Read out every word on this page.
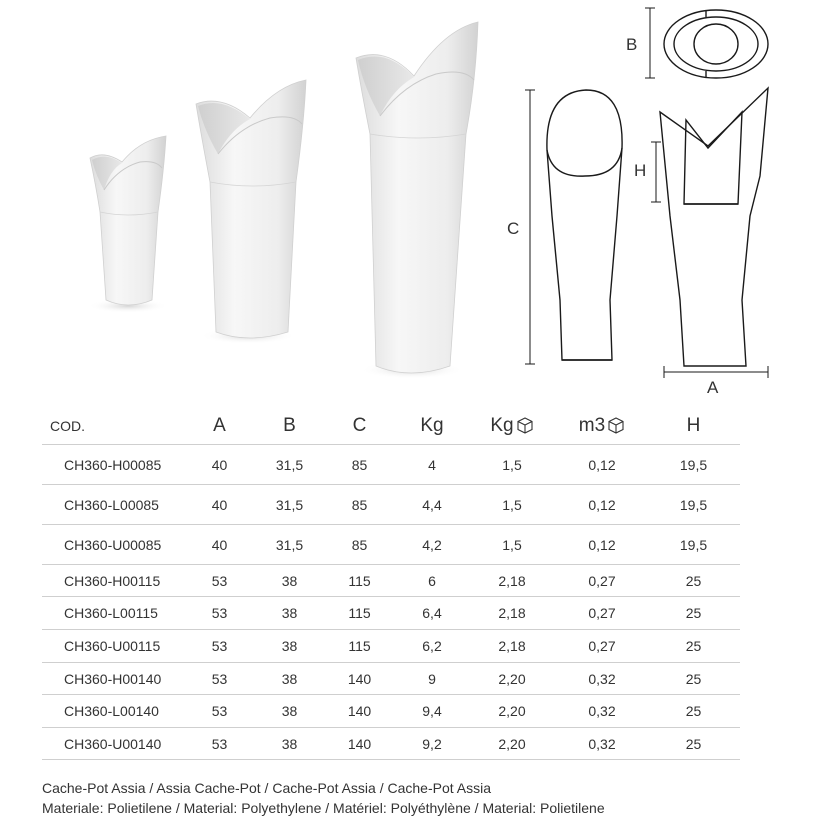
B
C
H
A
COD.	A	B	C	Kg	Kg	m3	H
CH360-H00085	40	31,5	85	4	1,5	0,12	19,5
CH360-L00085	40	31,5	85	4,4	1,5	0,12	19,5
CH360-U00085	40	31,5	85	4,2	1,5	0,12	19,5
CH360-H00115	53	38	115	6	2,18	0,27	25
CH360-L00115	53	38	115	6,4	2,18	0,27	25
CH360-U00115	53	38	115	6,2	2,18	0,27	25
CH360-H00140	53	38	140	9	2,20	0,32	25
CH360-L00140	53	38	140	9,4	2,20	0,32	25
CH360-U00140	53	38	140	9,2	2,20	0,32	25
Cache-Pot Assia / Assia Cache-Pot / Cache-Pot Assia / Cache-Pot Assia
Materiale: Polietilene / Material: Polyethylene / Matériel: Polyéthylène / Material: Polietilene
